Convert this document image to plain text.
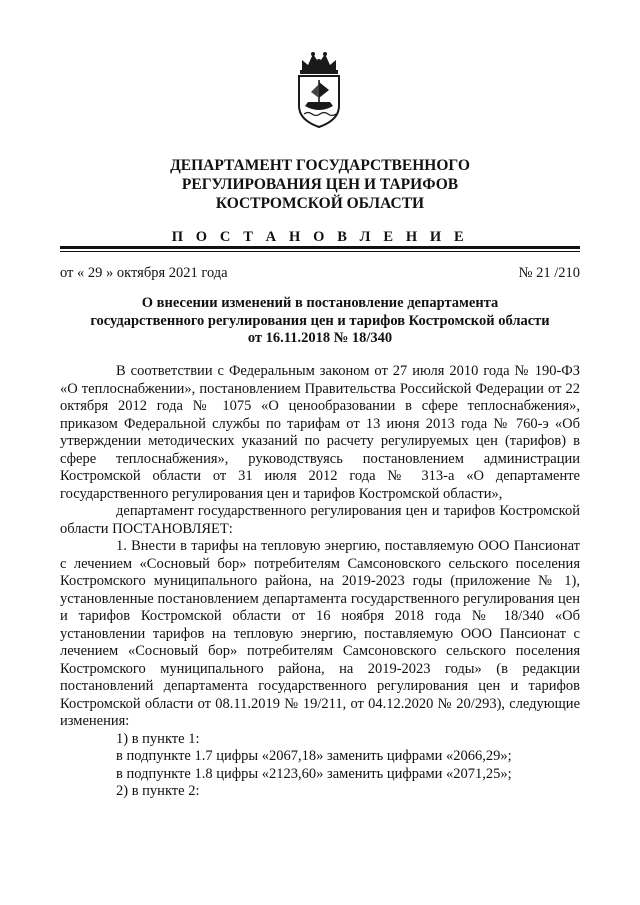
ДЕПАРТАМЕНТ ГОСУДАРСТВЕННОГО
РЕГУЛИРОВАНИЯ ЦЕН И ТАРИФОВ
КОСТРОМСКОЙ ОБЛАСТИ
П О С Т А Н О В Л Е Н И Е
от « 29 » октября 2021 года	№ 21 /210
О внесении изменений в постановление департамента
государственного регулирования цен и тарифов Костромской области
от 16.11.2018 № 18/340

В соответствии с Федеральным законом от 27 июля 2010 года № 190-ФЗ «О теплоснабжении», постановлением Правительства Российской Федерации от 22 октября 2012 года № 1075 «О ценообразовании в сфере теплоснабжения», приказом Федеральной службы по тарифам от 13 июня 2013 года № 760-э «Об утверждении методических указаний по расчету регулируемых цен (тарифов) в сфере теплоснабжения», руководствуясь постановлением администрации Костромской области от 31 июля 2012 года № 313-а «О департаменте государственного регулирования цен и тарифов Костромской области»,

департамент государственного регулирования цен и тарифов Костромской области ПОСТАНОВЛЯЕТ:

1. Внести в тарифы на тепловую энергию, поставляемую ООО Пансионат с лечением «Сосновый бор» потребителям Самсоновского сельского поселения Костромского муниципального района, на 2019-2023 годы (приложение № 1), установленные постановлением департамента государственного регулирования цен и тарифов Костромской области от 16 ноября 2018 года № 18/340 «Об установлении тарифов на тепловую энергию, поставляемую ООО Пансионат с лечением «Сосновый бор» потребителям Самсоновского сельского поселения Костромского муниципального района, на 2019-2023 годы» (в редакции постановлений департамента государственного регулирования цен и тарифов Костромской области от 08.11.2019 № 19/211, от 04.12.2020 № 20/293), следующие изменения:

1) в пункте 1:

в подпункте 1.7 цифры «2067,18» заменить цифрами «2066,29»;

в подпункте 1.8 цифры «2123,60» заменить цифрами «2071,25»;

2) в пункте 2:
